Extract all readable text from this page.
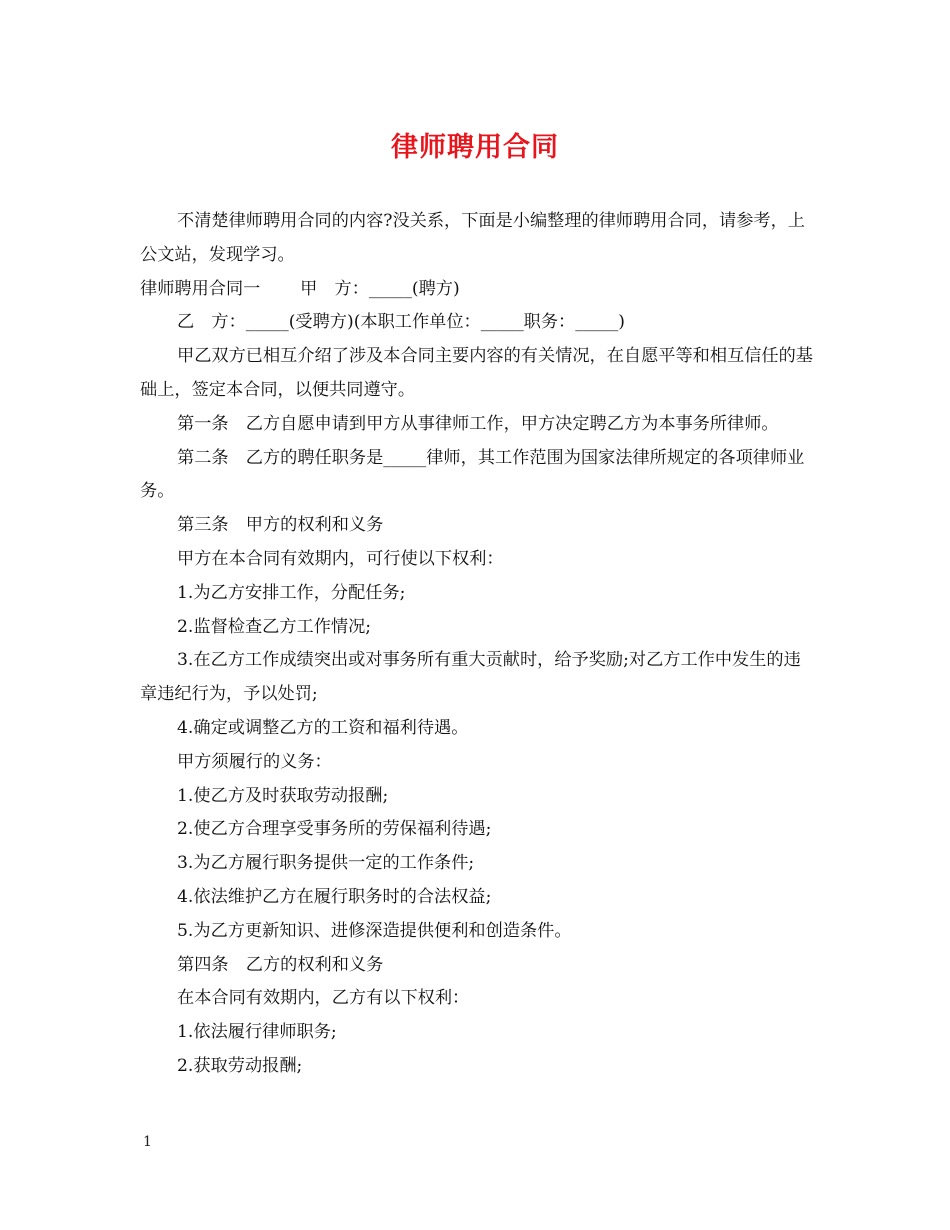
律师聘用合同

不清楚律师聘用合同的内容?没关系，下面是小编整理的律师聘用合同，请参考，上公文站，发现学习。

律师聘用合同一　　 甲　方：_____(聘方)

乙　方：_____(受聘方)(本职工作单位：_____职务：_____)

甲乙双方已相互介绍了涉及本合同主要内容的有关情况，在自愿平等和相互信任的基础上，签定本合同，以便共同遵守。

第一条　乙方自愿申请到甲方从事律师工作，甲方决定聘乙方为本事务所律师。

第二条　乙方的聘任职务是_____律师，其工作范围为国家法律所规定的各项律师业务。

第三条　甲方的权利和义务

甲方在本合同有效期内，可行使以下权利：

1.为乙方安排工作，分配任务;

2.监督检查乙方工作情况;

3.在乙方工作成绩突出或对事务所有重大贡献时，给予奖励;对乙方工作中发生的违章违纪行为，予以处罚;

4.确定或调整乙方的工资和福利待遇。

甲方须履行的义务：

1.使乙方及时获取劳动报酬;

2.使乙方合理享受事务所的劳保福利待遇;

3.为乙方履行职务提供一定的工作条件;

4.依法维护乙方在履行职务时的合法权益;

5.为乙方更新知识、进修深造提供便利和创造条件。

第四条　乙方的权利和义务

在本合同有效期内，乙方有以下权利：

1.依法履行律师职务;

2.获取劳动报酬;

1
